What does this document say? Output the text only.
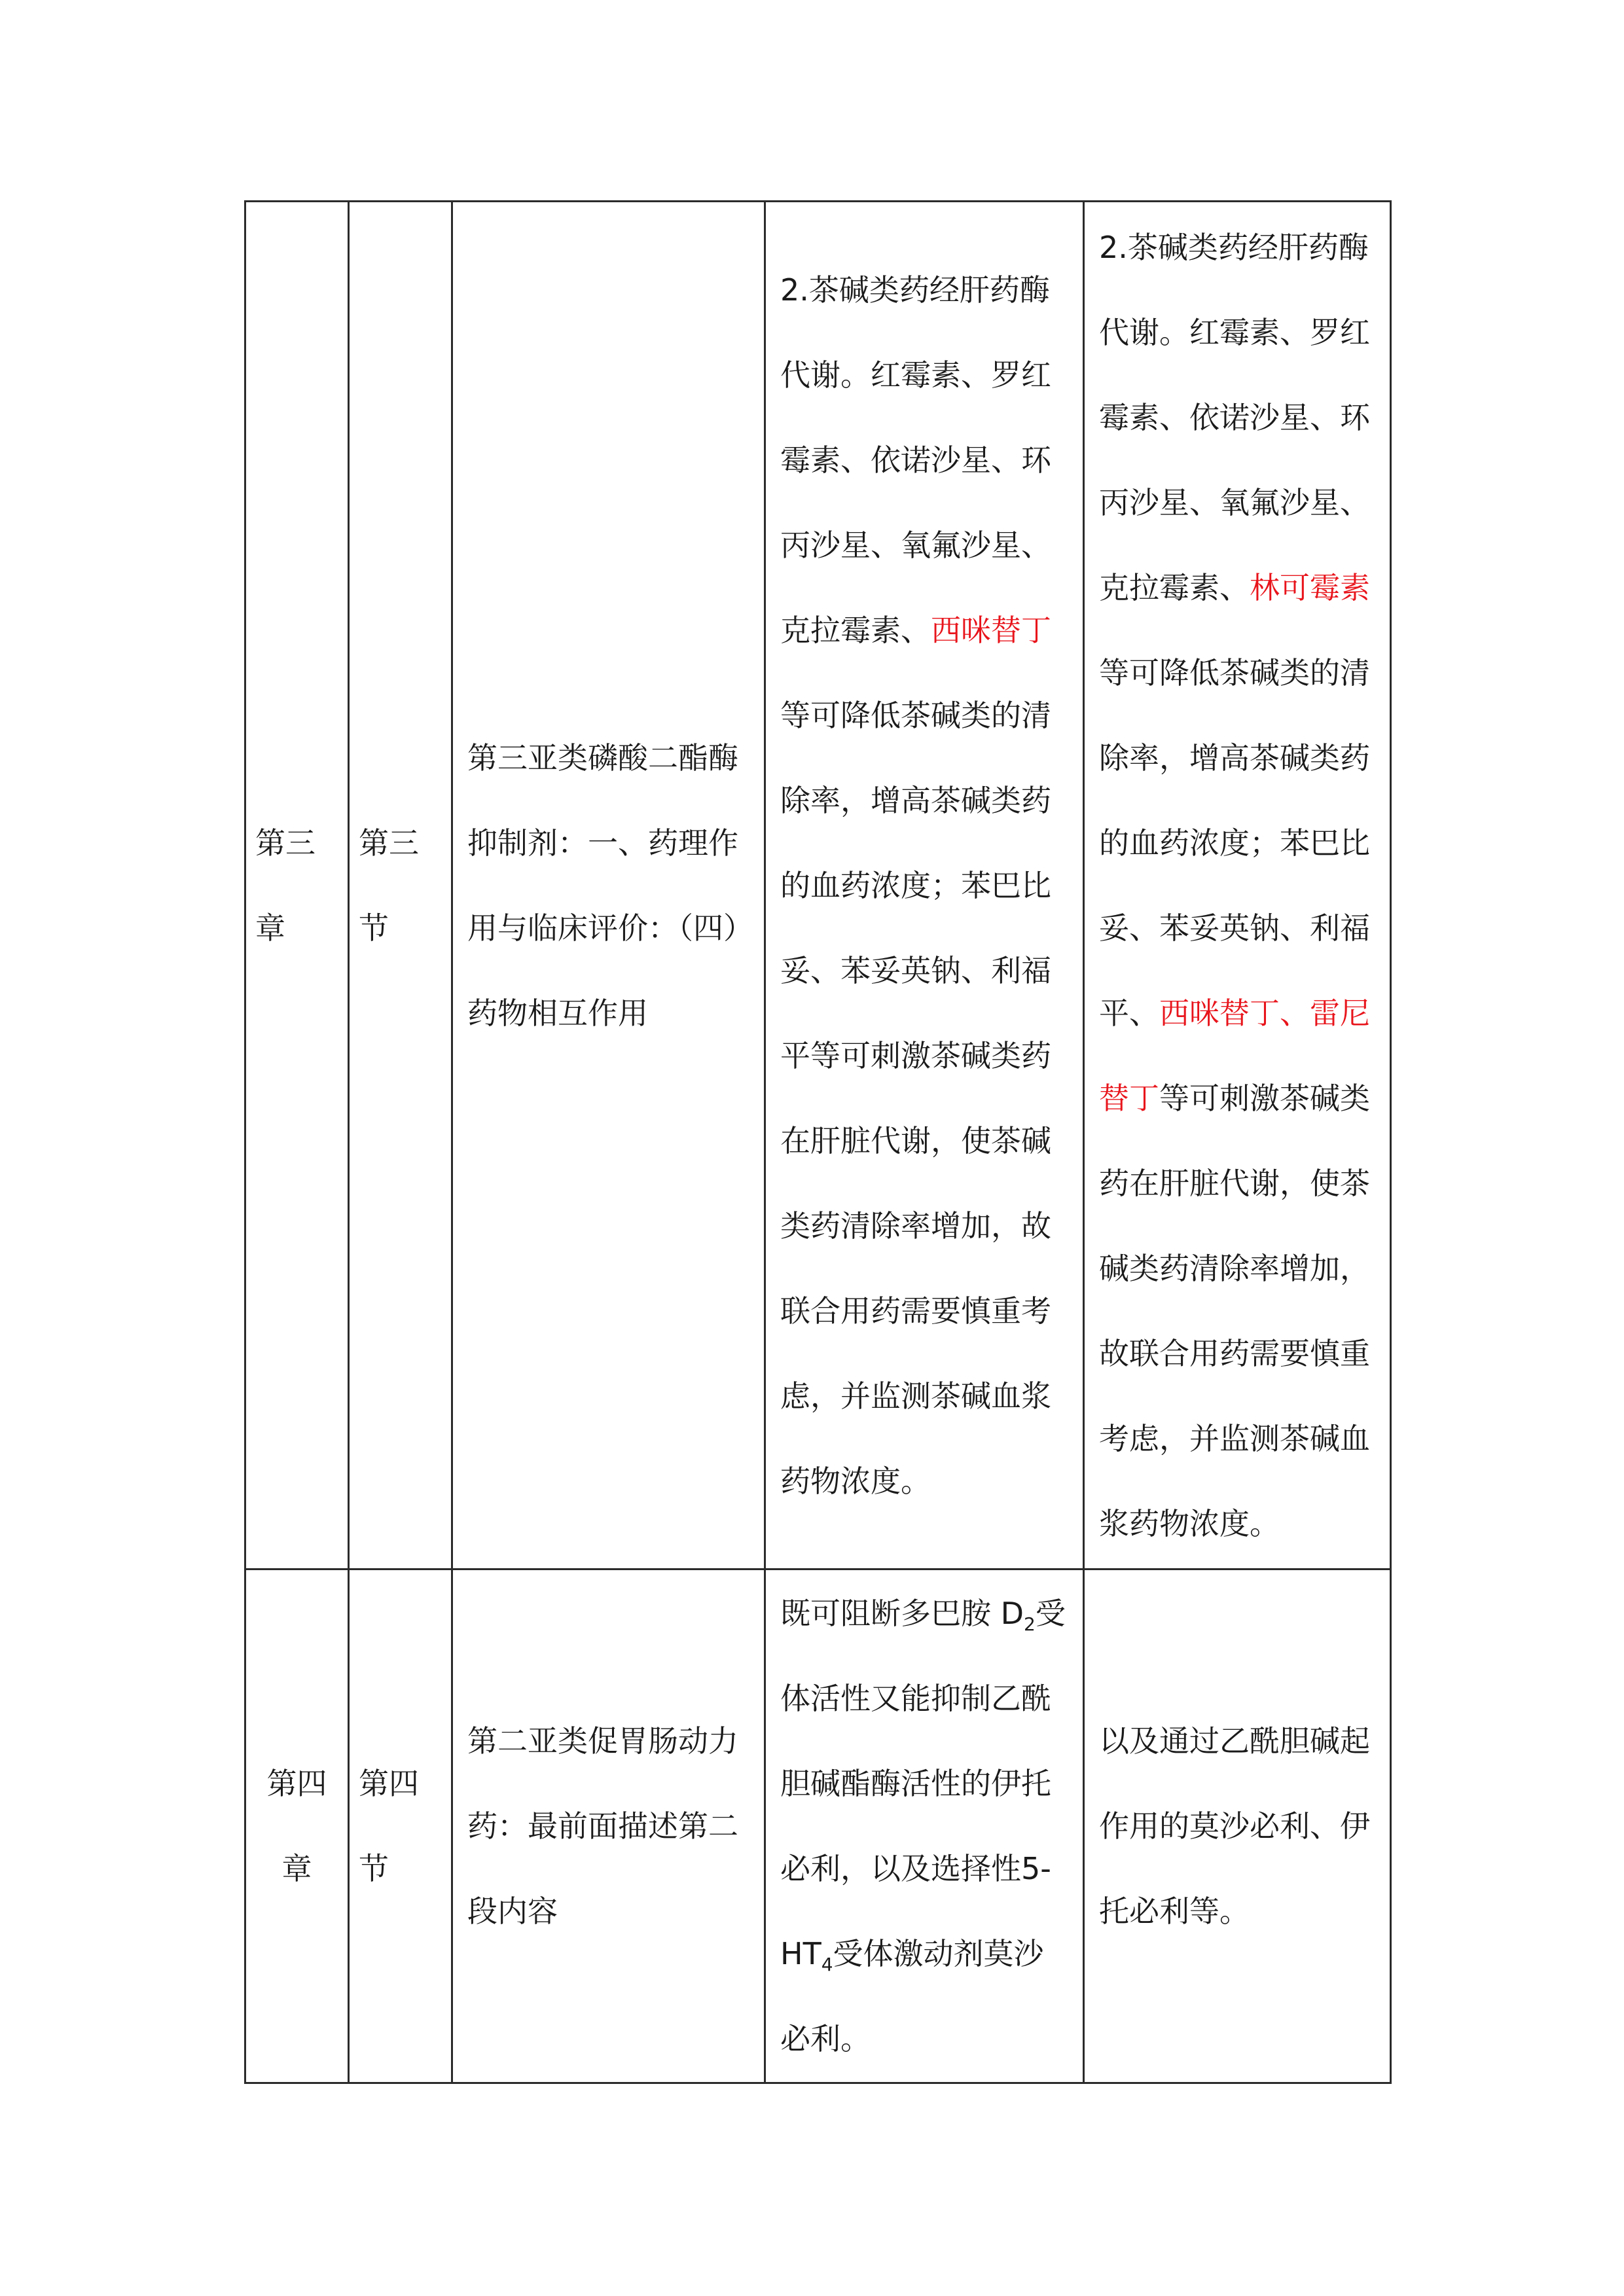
第三章	第三节	第三亚类磷酸二酯酶抑制剂：一、药理作用与临床评价：（四）药物相互作用	2.茶碱类药经肝药酶代谢。红霉素、罗红霉素、依诺沙星、环丙沙星、氧氟沙星、克拉霉素、西咪替丁等可降低茶碱类的清除率，增高茶碱类药的血药浓度；苯巴比妥、苯妥英钠、利福平等可刺激茶碱类药在肝脏代谢，使茶碱类药清除率增加，故联合用药需要慎重考虑，并监测茶碱血浆药物浓度。	2.茶碱类药经肝药酶代谢。红霉素、罗红霉素、依诺沙星、环丙沙星、氧氟沙星、克拉霉素、林可霉素等可降低茶碱类的清除率，增高茶碱类药的血药浓度；苯巴比妥、苯妥英钠、利福平、西咪替丁、雷尼替丁等可刺激茶碱类药在肝脏代谢，使茶碱类药清除率增加，故联合用药需要慎重考虑，并监测茶碱血浆药物浓度。
第四章	第四节	第二亚类促胃肠动力药：最前面描述第二段内容	既可阻断多巴胺 $D_2$受体活性又能抑制乙酰胆碱酯酶活性的伊托必利，以及选择性$5-HT_4$受体激动剂莫沙必利。	以及通过乙酰胆碱起作用的莫沙必利、伊托必利等。
